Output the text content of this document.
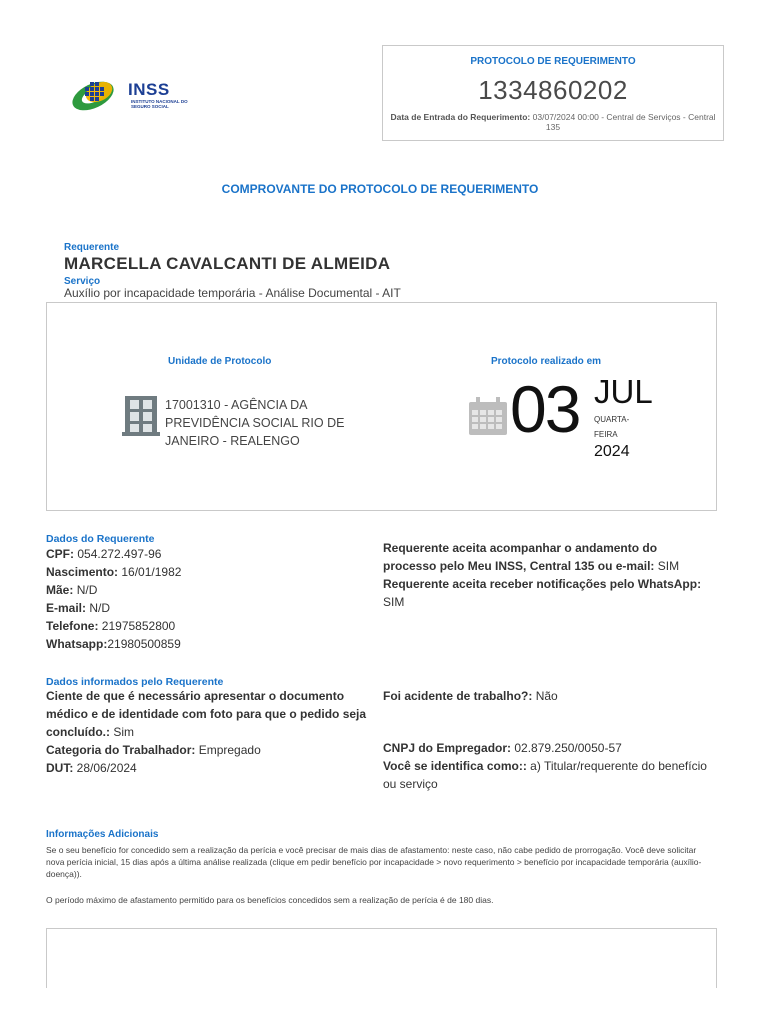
INSS
INSTITUTO NACIONAL DO SEGURO SOCIAL
PROTOCOLO DE REQUERIMENTO
1334860202
Data de Entrada do Requerimento: 03/07/2024 00:00 - Central de Serviços - Central 135
COMPROVANTE DO PROTOCOLO DE REQUERIMENTO
Requerente
MARCELLA CAVALCANTI DE ALMEIDA
Serviço
Auxílio por incapacidade temporária - Análise Documental - AIT
Unidade de Protocolo
17001310 - AGÊNCIA DA PREVIDÊNCIA SOCIAL RIO DE JANEIRO - REALENGO
Protocolo realizado em
03 JUL
QUARTA-
FEIRA
2024
Dados do Requerente
CPF: 054.272.497-96
Nascimento: 16/01/1982
Mãe: N/D
E-mail: N/D
Telefone: 21975852800
Whatsapp:21980500859
Requerente aceita acompanhar o andamento do processo pelo Meu INSS, Central 135 ou e-mail: SIM
Requerente aceita receber notificações pelo WhatsApp: SIM
Dados informados pelo Requerente
Ciente de que é necessário apresentar o documento médico e de identidade com foto para que o pedido seja concluído.: Sim
Categoria do Trabalhador: Empregado
DUT: 28/06/2024
Foi acidente de trabalho?: Não
CNPJ do Empregador: 02.879.250/0050-57
Você se identifica como:: a) Titular/requerente do benefício ou serviço
Informações Adicionais
Se o seu benefício for concedido sem a realização da perícia e você precisar de mais dias de afastamento: neste caso, não cabe pedido de prorrogação. Você deve solicitar nova perícia inicial, 15 dias após a última análise realizada (clique em pedir benefício por incapacidade > novo requerimento > benefício por incapacidade temporária (auxílio-doença)).
O período máximo de afastamento permitido para os benefícios concedidos sem a realização de perícia é de 180 dias.
